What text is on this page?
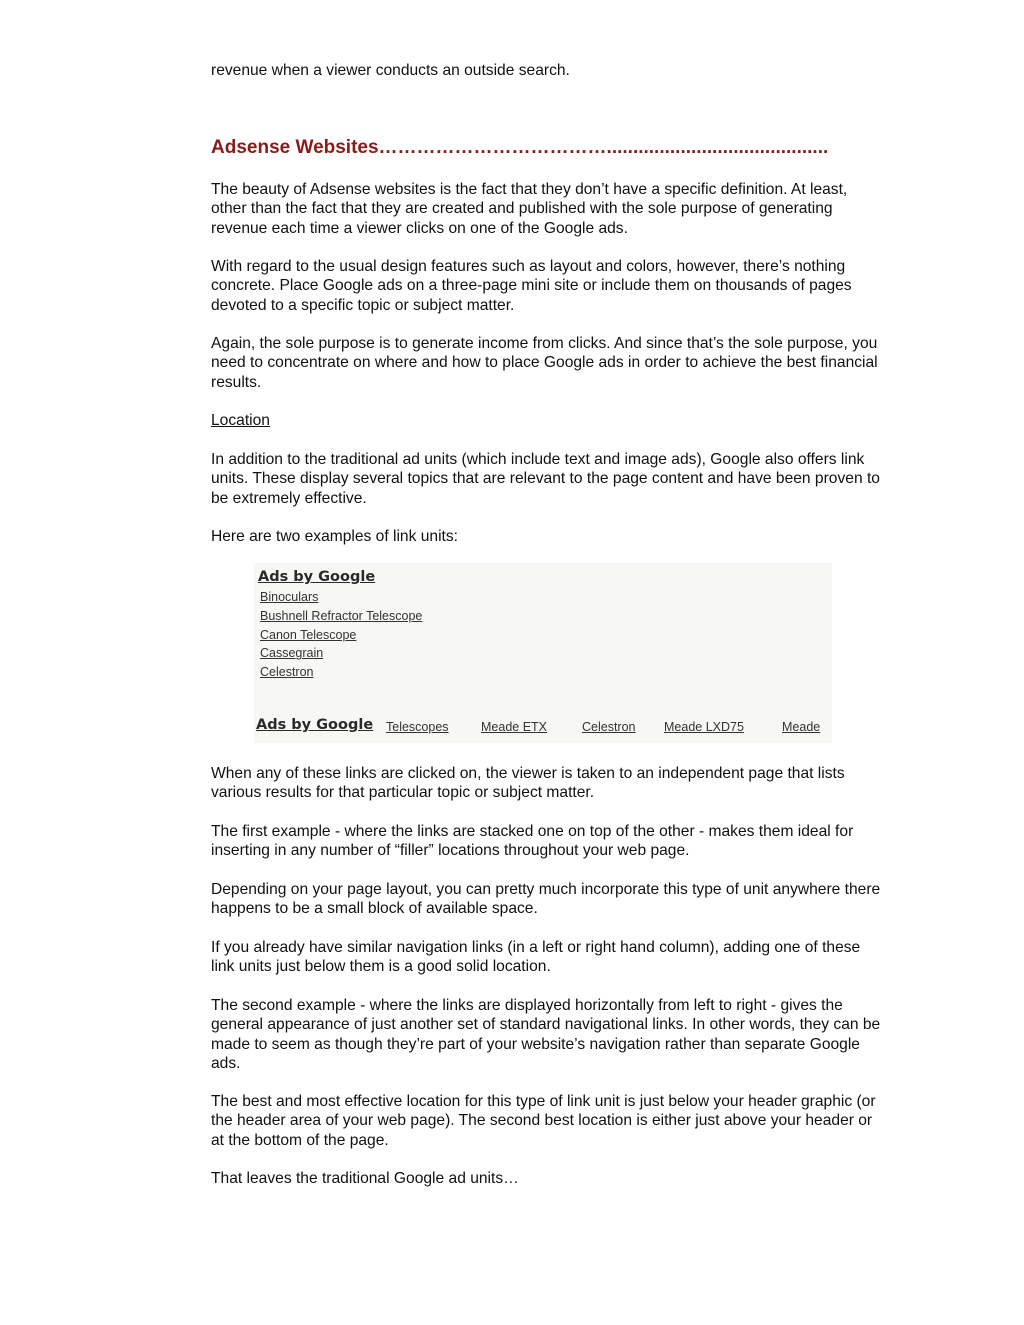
revenue when a viewer conducts an outside search.

Adsense Websites………………………………..........................................

The beauty of Adsense websites is the fact that they don’t have a specific definition. At least, other than the fact that they are created and published with the sole purpose of generating revenue each time a viewer clicks on one of the Google ads.

With regard to the usual design features such as layout and colors, however, there’s nothing concrete. Place Google ads on a three-page mini site or include them on thousands of pages devoted to a specific topic or subject matter.

Again, the sole purpose is to generate income from clicks. And since that’s the sole purpose, you need to concentrate on where and how to place Google ads in order to achieve the best financial results.

Location

In addition to the traditional ad units (which include text and image ads), Google also offers link units. These display several topics that are relevant to the page content and have been proven to be extremely effective.

Here are two examples of link units:

When any of these links are clicked on, the viewer is taken to an independent page that lists various results for that particular topic or subject matter.

The first example - where the links are stacked one on top of the other - makes them ideal for inserting in any number of “filler” locations throughout your web page.

Depending on your page layout, you can pretty much incorporate this type of unit anywhere there happens to be a small block of available space.

If you already have similar navigation links (in a left or right hand column), adding one of these link units just below them is a good solid location.

The second example - where the links are displayed horizontally from left to right - gives the general appearance of just another set of standard navigational links. In other words, they can be made to seem as though they’re part of your website’s navigation rather than separate Google ads.

The best and most effective location for this type of link unit is just below your header graphic (or the header area of your web page). The second best location is either just above your header or at the bottom of the page.

That leaves the traditional Google ad units…

Ads by Google
Binoculars
Bushnell Refractor Telescope
Canon Telescope
Cassegrain
Celestron
Ads by Google Telescopes	Meade ETX	Celestron Meade LXD75	Meade
